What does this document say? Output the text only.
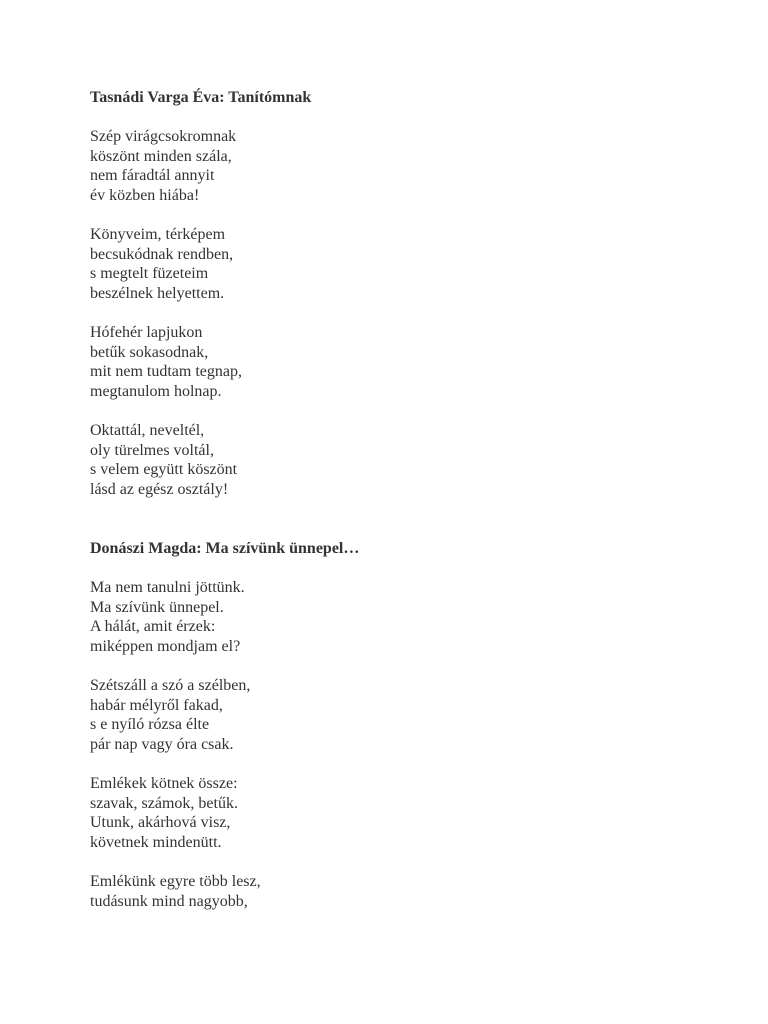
Tasnádi Varga Éva: Tanítómnak
Szép virágcsokromnak
köszönt minden szála,
nem fáradtál annyit
év közben hiába!
Könyveim, térképem
becsukódnak rendben,
s megtelt füzeteim
beszélnek helyettem.
Hófehér lapjukon
betűk sokasodnak,
mit nem tudtam tegnap,
megtanulom holnap.
Oktattál, neveltél,
oly türelmes voltál,
s velem együtt köszönt
lásd az egész osztály!
Donászi Magda: Ma szívünk ünnepel…
Ma nem tanulni jöttünk.
Ma szívünk ünnepel.
A hálát, amit érzek:
miképpen mondjam el?
Szétszáll a szó a szélben,
habár mélyről fakad,
s e nyíló rózsa élte
pár nap vagy óra csak.
Emlékek kötnek össze:
szavak, számok, betűk.
Utunk, akárhová visz,
követnek mindenütt.
Emlékünk egyre több lesz,
tudásunk mind nagyobb,
